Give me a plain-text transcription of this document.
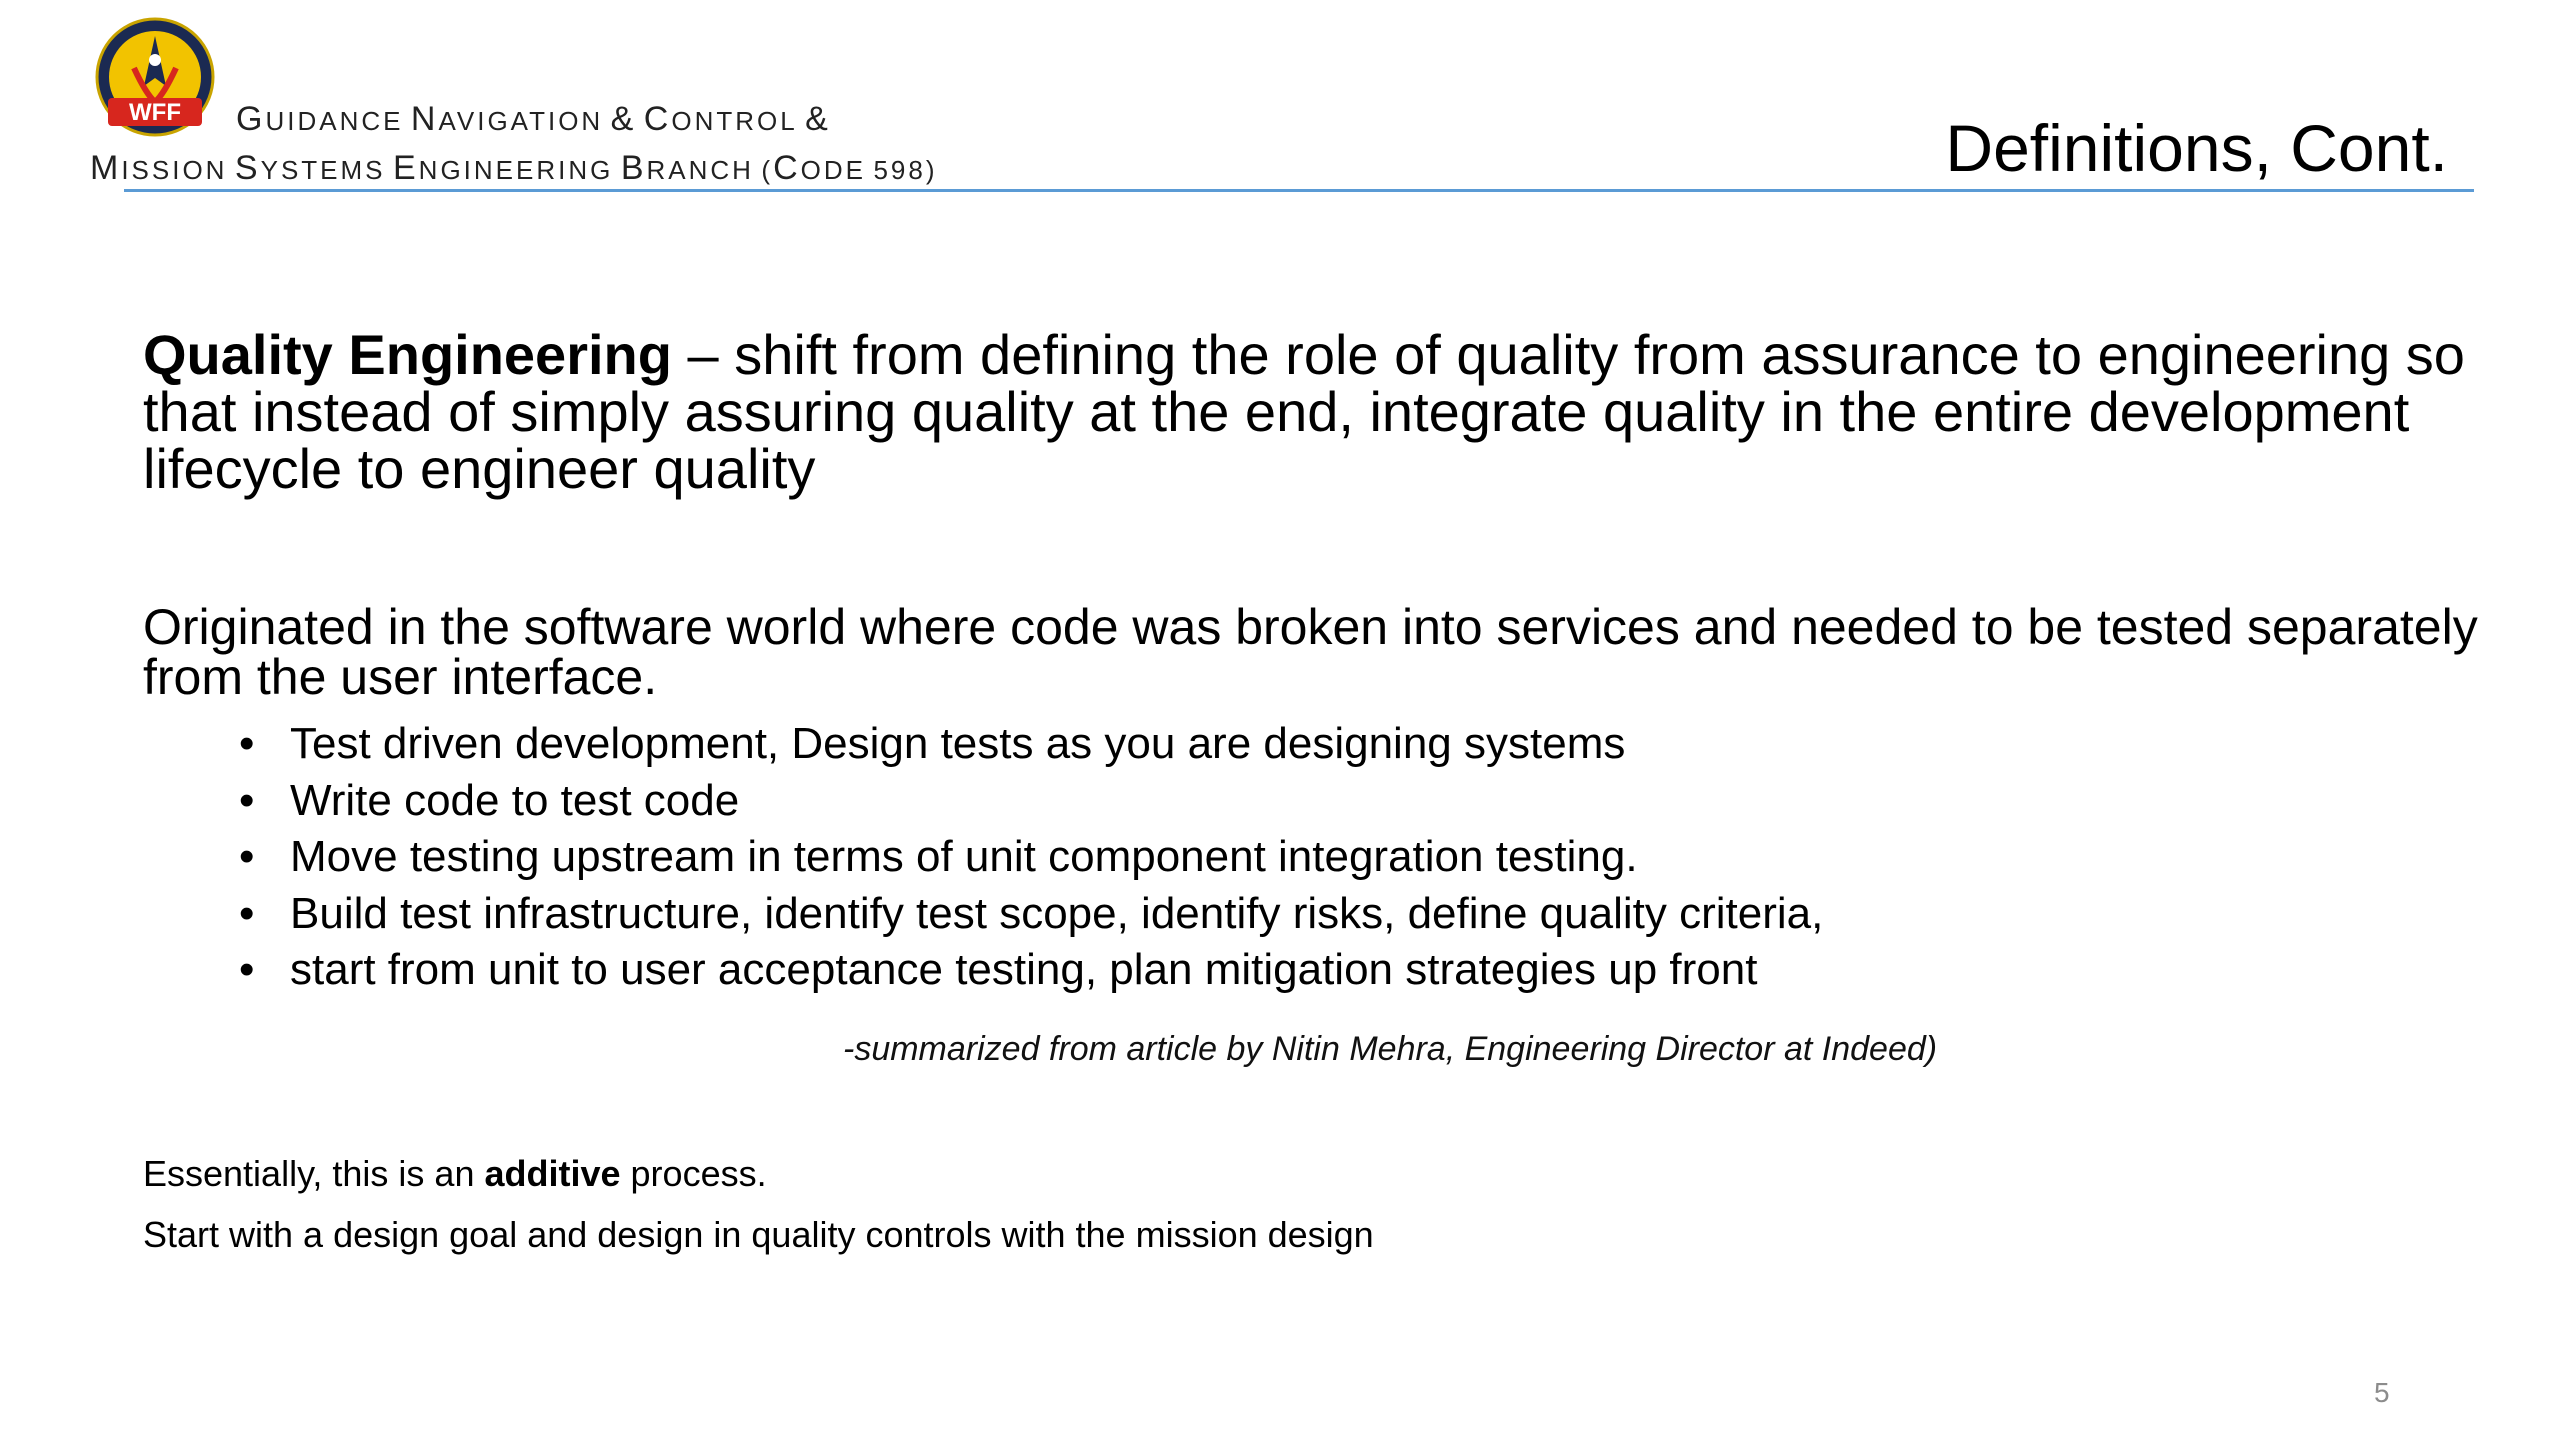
WFF	GUIDANCE NAVIGATION & CONTROL &
MISSION SYSTEMS ENGINEERING BRANCH (CODE 598)	Definitions, Cont.
Quality Engineering – shift from defining the role of quality from assurance to engineering so that instead of simply assuring quality at the end, integrate quality in the entire development lifecycle to engineer quality
Originated in the software world where code was broken into services and needed to be tested separately from the user interface.
• Test driven development, Design tests as you are designing systems
• Write code to test code
• Move testing upstream in terms of unit component integration testing.
• Build test infrastructure, identify test scope, identify risks, define quality criteria,
• start from unit to user acceptance testing, plan mitigation strategies up front
-summarized from article by Nitin Mehra, Engineering Director at Indeed)
Essentially, this is an additive process.
Start with a design goal and design in quality controls with the mission design
5
